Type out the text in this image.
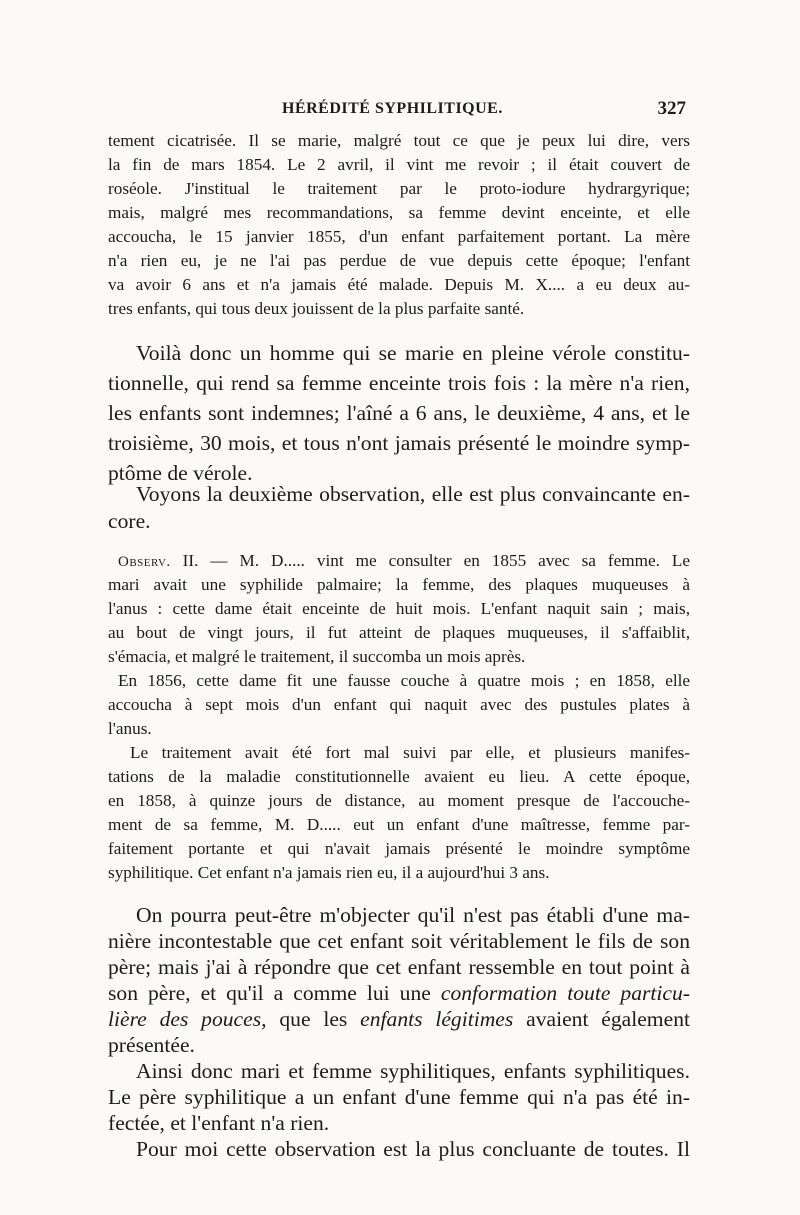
HÉRÉDITÉ SYPHILITIQUE.	327
tement cicatrisée. Il se marie, malgré tout ce que je peux lui dire, vers
la fin de mars 1854. Le 2 avril, il vint me revoir ; il était couvert de
roséole. J'institual le traitement par le proto-iodure hydrargyrique;
mais, malgré mes recommandations, sa femme devint enceinte, et elle
accoucha, le 15 janvier 1855, d'un enfant parfaitement portant. La mère
n'a rien eu, je ne l'ai pas perdue de vue depuis cette époque; l'enfant
va avoir 6 ans et n'a jamais été malade. Depuis M. X.... a eu deux au-
tres enfants, qui tous deux jouissent de la plus parfaite santé.
Voilà donc un homme qui se marie en pleine vérole constitu-
tionnelle, qui rend sa femme enceinte trois fois : la mère n'a rien,
les enfants sont indemnes; l'aîné a 6 ans, le deuxième, 4 ans, et le
troisième, 30 mois, et tous n'ont jamais présenté le moindre symp-
ptôme de vérole.
Voyons la deuxième observation, elle est plus convaincante en-
core.
Observ. II. — M. D..... vint me consulter en 1855 avec sa femme. Le
mari avait une syphilide palmaire; la femme, des plaques muqueuses à
l'anus : cette dame était enceinte de huit mois. L'enfant naquit sain ; mais,
au bout de vingt jours, il fut atteint de plaques muqueuses, il s'affaiblit,
s'émacia, et malgré le traitement, il succomba un mois après.
En 1856, cette dame fit une fausse couche à quatre mois ; en 1858, elle
accoucha à sept mois d'un enfant qui naquit avec des pustules plates à
l'anus.
Le traitement avait été fort mal suivi par elle, et plusieurs manifes-
tations de la maladie constitutionnelle avaient eu lieu. A cette époque,
en 1858, à quinze jours de distance, au moment presque de l'accouche-
ment de sa femme, M. D..... eut un enfant d'une maîtresse, femme par-
faitement portante et qui n'avait jamais présenté le moindre symptôme
syphilitique. Cet enfant n'a jamais rien eu, il a aujourd'hui 3 ans.
On pourra peut-être m'objecter qu'il n'est pas établi d'une ma-
nière incontestable que cet enfant soit véritablement le fils de son
père; mais j'ai à répondre que cet enfant ressemble en tout point à
son père, et qu'il a comme lui une conformation toute particu-
lière des pouces, que les enfants légitimes avaient également
présentée.
Ainsi donc mari et femme syphilitiques, enfants syphilitiques.
Le père syphilitique a un enfant d'une femme qui n'a pas été in-
fectée, et l'enfant n'a rien.
Pour moi cette observation est la plus concluante de toutes. Il
